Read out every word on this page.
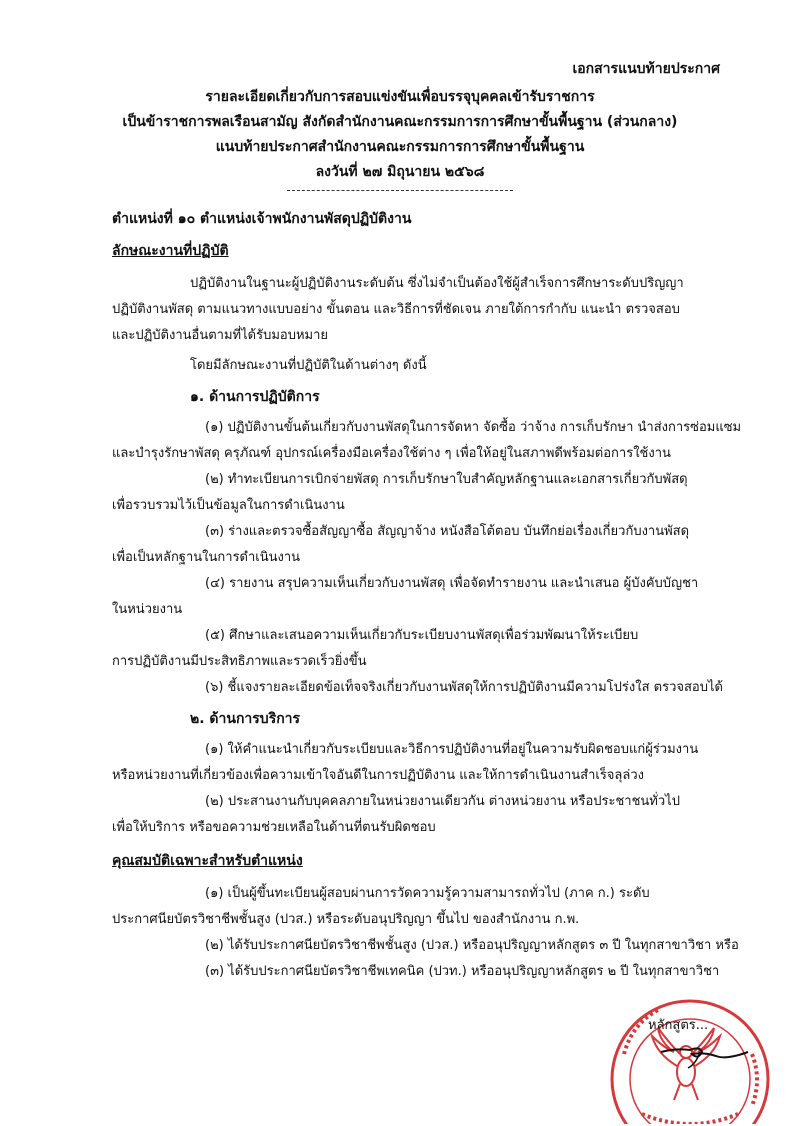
เอกสารแนบท้ายประกาศ
รายละเอียดเกี่ยวกับการสอบแข่งขันเพื่อบรรจุบุคคลเข้ารับราชการ
เป็นข้าราชการพลเรือนสามัญ สังกัดสำนักงานคณะกรรมการการศึกษาขั้นพื้นฐาน (ส่วนกลาง)
แนบท้ายประกาศสำนักงานคณะกรรมการการศึกษาขั้นพื้นฐาน
ลงวันที่ ๒๗ มิถุนายน ๒๕๖๘
ตำแหน่งที่ ๑๐ ตำแหน่งเจ้าพนักงานพัสดุปฏิบัติงาน
ลักษณะงานที่ปฏิบัติ
ปฏิบัติงานในฐานะผู้ปฏิบัติงานระดับต้น ซึ่งไม่จำเป็นต้องใช้ผู้สำเร็จการศึกษาระดับปริญญา
ปฏิบัติงานพัสดุ ตามแนวทางแบบอย่าง ขั้นตอน และวิธีการที่ชัดเจน ภายใต้การกำกับ แนะนำ ตรวจสอบ
และปฏิบัติงานอื่นตามที่ได้รับมอบหมาย
โดยมีลักษณะงานที่ปฏิบัติในด้านต่างๆ ดังนี้
๑. ด้านการปฏิบัติการ
(๑) ปฏิบัติงานขั้นต้นเกี่ยวกับงานพัสดุในการจัดหา จัดซื้อ ว่าจ้าง การเก็บรักษา นำส่งการซ่อมแซม
และบำรุงรักษาพัสดุ ครุภัณฑ์ อุปกรณ์เครื่องมือเครื่องใช้ต่าง ๆ เพื่อให้อยู่ในสภาพดีพร้อมต่อการใช้งาน
(๒) ทำทะเบียนการเบิกจ่ายพัสดุ การเก็บรักษาใบสำคัญหลักฐานและเอกสารเกี่ยวกับพัสดุ
เพื่อรวบรวมไว้เป็นข้อมูลในการดำเนินงาน
(๓) ร่างและตรวจซื้อสัญญาซื้อ สัญญาจ้าง หนังสือโต้ตอบ บันทึกย่อเรื่องเกี่ยวกับงานพัสดุ
เพื่อเป็นหลักฐานในการดำเนินงาน
(๔) รายงาน สรุปความเห็นเกี่ยวกับงานพัสดุ เพื่อจัดทำรายงาน และนำเสนอ ผู้บังคับบัญชา
ในหน่วยงาน
(๕) ศึกษาและเสนอความเห็นเกี่ยวกับระเบียบงานพัสดุเพื่อร่วมพัฒนาให้ระเบียบ
การปฏิบัติงานมีประสิทธิภาพและรวดเร็วยิ่งขึ้น
(๖) ชี้แจงรายละเอียดข้อเท็จจริงเกี่ยวกับงานพัสดุให้การปฏิบัติงานมีความโปร่งใส ตรวจสอบได้
๒. ด้านการบริการ
(๑) ให้คำแนะนำเกี่ยวกับระเบียบและวิธีการปฏิบัติงานที่อยู่ในความรับผิดชอบแก่ผู้ร่วมงาน
หรือหน่วยงานที่เกี่ยวข้องเพื่อความเข้าใจอันดีในการปฏิบัติงาน และให้การดำเนินงานสำเร็จลุล่วง
(๒) ประสานงานกับบุคคลภายในหน่วยงานเดียวกัน ต่างหน่วยงาน หรือประชาชนทั่วไป
เพื่อให้บริการ หรือขอความช่วยเหลือในด้านที่ตนรับผิดชอบ
คุณสมบัติเฉพาะสำหรับตำแหน่ง
(๑) เป็นผู้ขึ้นทะเบียนผู้สอบผ่านการวัดความรู้ความสามารถทั่วไป (ภาค ก.) ระดับ
ประกาศนียบัตรวิชาชีพชั้นสูง (ปวส.) หรือระดับอนุปริญญา ขึ้นไป ของสำนักงาน ก.พ.
(๒) ได้รับประกาศนียบัตรวิชาชีพชั้นสูง (ปวส.) หรืออนุปริญญาหลักสูตร ๓ ปี ในทุกสาขาวิชา หรือ
(๓) ได้รับประกาศนียบัตรวิชาชีพเทคนิค (ปวท.) หรืออนุปริญญาหลักสูตร ๒ ปี ในทุกสาขาวิชา
หลักสูตร...
